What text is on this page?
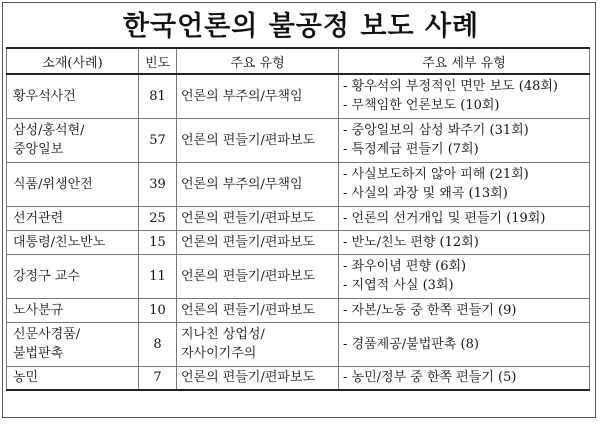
한국언론의 불공정 보도 사례
소재(사례)	빈도	주요 유형	주요 세부 유형

황우석사건	81	언론의 부주의/무책임	- 황우석의 부정적인 면만 보도 (48회)
- 무책임한 언론보도 (10회)

삼성/홍석현/
중앙일보	57	언론의 편들기/편파보도	- 중앙일보의 삼성 봐주기 (31회)
- 특정계급 편들기 (7회)

식품/위생안전	39	언론의 부주의/무책임	- 사실보도하지 않아 피해 (21회)
- 사실의 과장 및 왜곡 (13회)

선거관련	25	언론의 편들기/편파보도	- 언론의 선거개입 및 편들기 (19회)

대통령/친노반노	15	언론의 편들기/편파보도	- 반노/친노 편향 (12회)

강정구 교수	11	언론의 편들기/편파보도	- 좌우이념 편향 (6회)
- 지엽적 사실 (3회)

노사분규	10	언론의 편들기/편파보도	- 자본/노동 중 한쪽 편들기 (9)

신문사경품/
불법판촉	8	지나친 상업성/
자사이기주의	- 경품제공/불법판촉 (8)

농민	7	언론의 편들기/편파보도	- 농민/정부 중 한쪽 편들기 (5)
